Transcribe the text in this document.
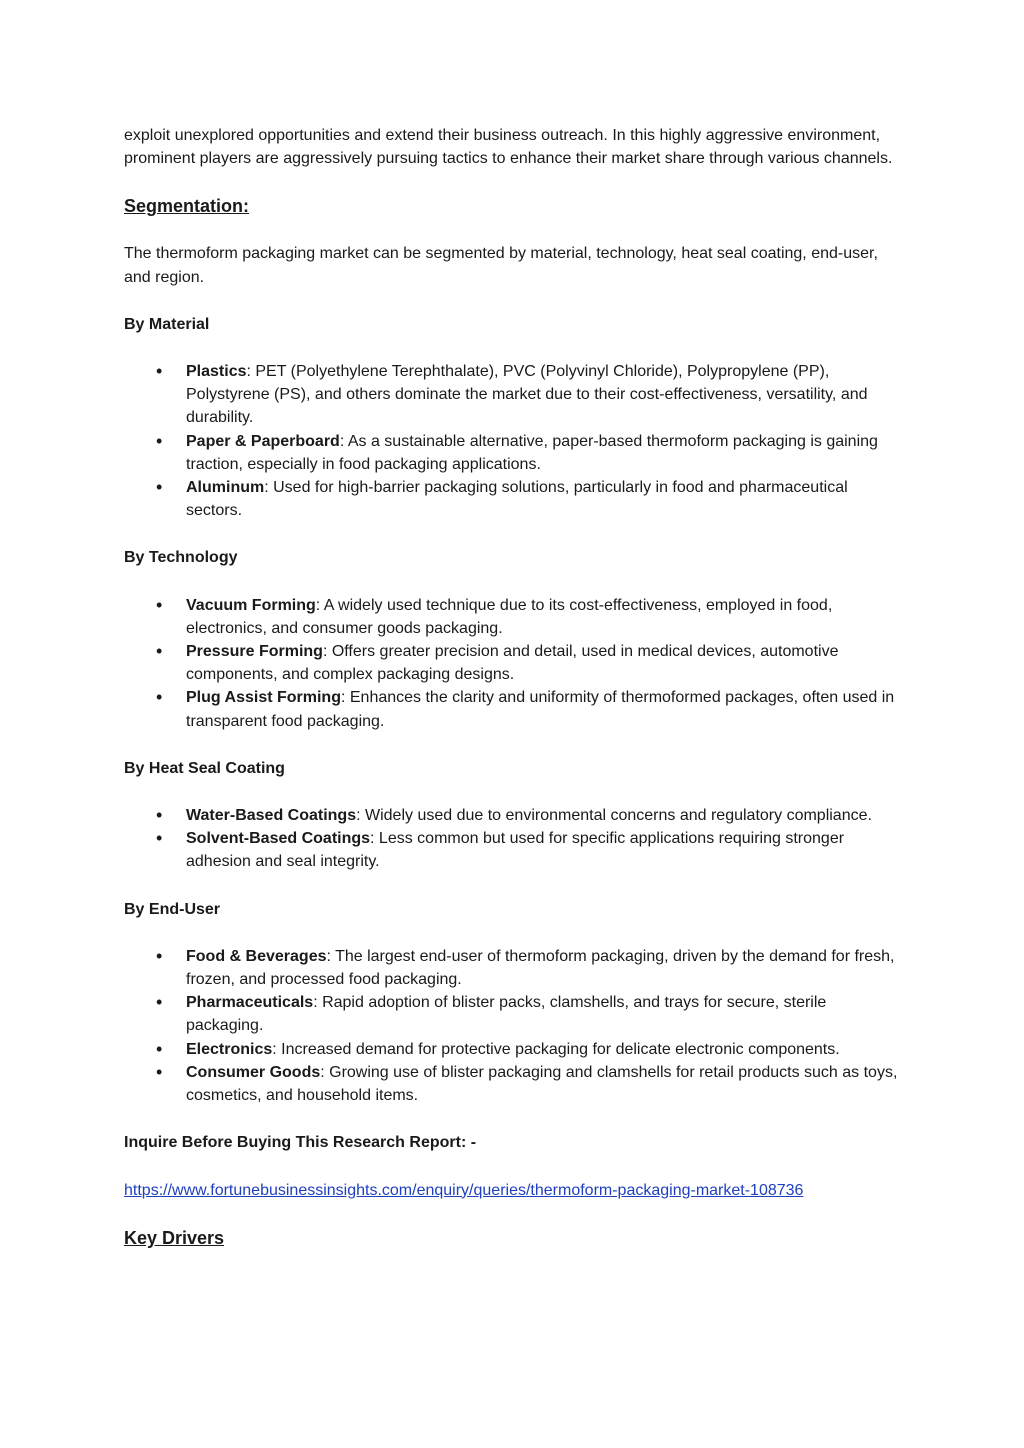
exploit unexplored opportunities and extend their business outreach. In this highly aggressive environment, prominent players are aggressively pursuing tactics to enhance their market share through various channels.

Segmentation:

The thermoform packaging market can be segmented by material, technology, heat seal coating, end-user, and region.

By Material

• Plastics: PET (Polyethylene Terephthalate), PVC (Polyvinyl Chloride), Polypropylene (PP), Polystyrene (PS), and others dominate the market due to their cost-effectiveness, versatility, and durability.
• Paper & Paperboard: As a sustainable alternative, paper-based thermoform packaging is gaining traction, especially in food packaging applications.
• Aluminum: Used for high-barrier packaging solutions, particularly in food and pharmaceutical sectors.

By Technology

• Vacuum Forming: A widely used technique due to its cost-effectiveness, employed in food, electronics, and consumer goods packaging.
• Pressure Forming: Offers greater precision and detail, used in medical devices, automotive components, and complex packaging designs.
• Plug Assist Forming: Enhances the clarity and uniformity of thermoformed packages, often used in transparent food packaging.

By Heat Seal Coating

• Water-Based Coatings: Widely used due to environmental concerns and regulatory compliance.
• Solvent-Based Coatings: Less common but used for specific applications requiring stronger adhesion and seal integrity.

By End-User

• Food & Beverages: The largest end-user of thermoform packaging, driven by the demand for fresh, frozen, and processed food packaging.
• Pharmaceuticals: Rapid adoption of blister packs, clamshells, and trays for secure, sterile packaging.
• Electronics: Increased demand for protective packaging for delicate electronic components.
• Consumer Goods: Growing use of blister packaging and clamshells for retail products such as toys, cosmetics, and household items.

Inquire Before Buying This Research Report: -

https://www.fortunebusinessinsights.com/enquiry/queries/thermoform-packaging-market-108736
Key Drivers
